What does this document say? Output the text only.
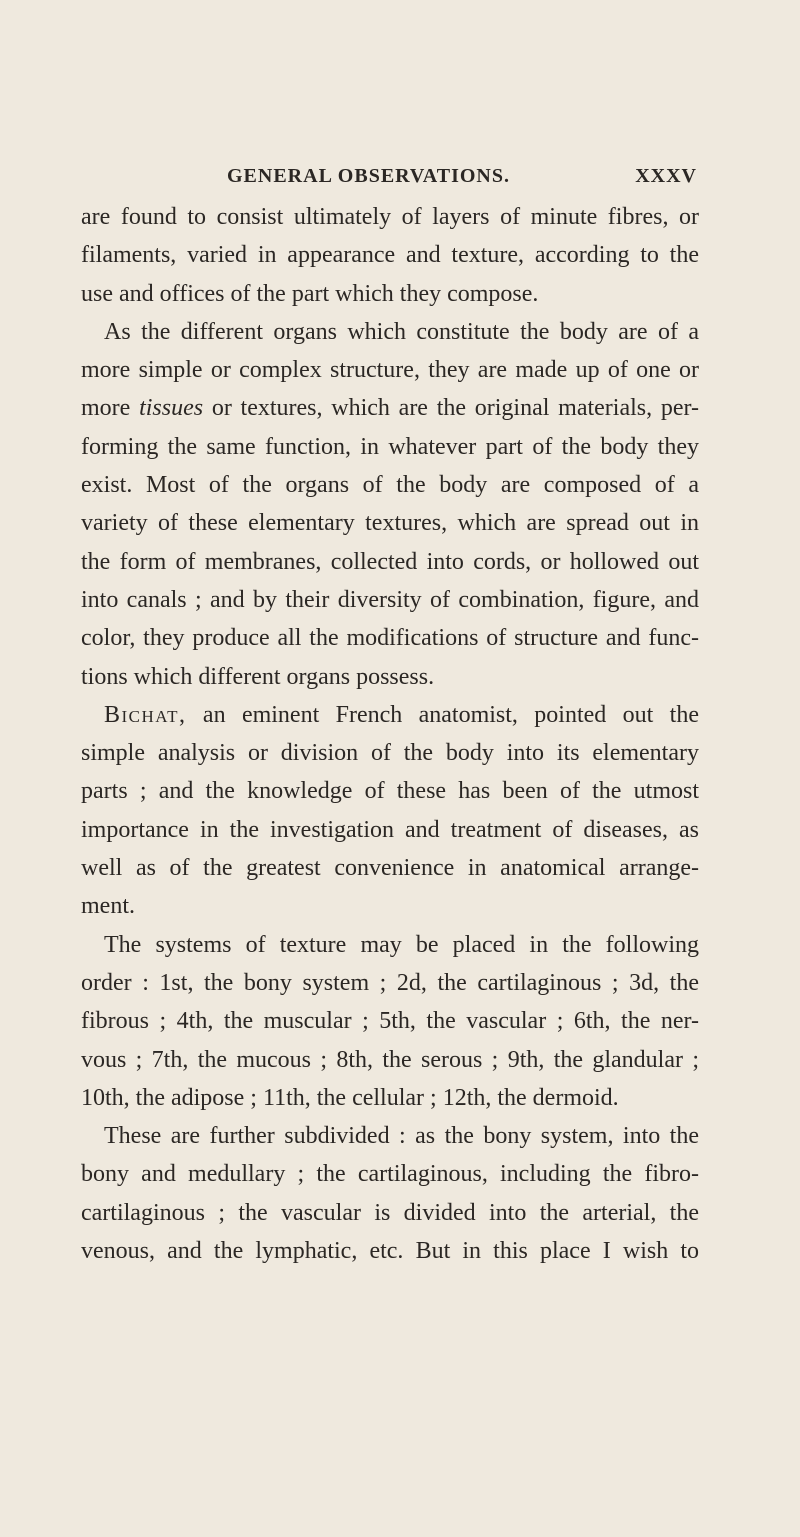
GENERAL OBSERVATIONS.	XXXV
are found to consist ultimately of layers of minute fibres, or
filaments, varied in appearance and texture, according to the
use and offices of the part which they compose.
As the different organs which constitute the body are of a
more simple or complex structure, they are made up of one or
more tissues or textures, which are the original materials, per-
forming the same function, in whatever part of the body they
exist. Most of the organs of the body are composed of a
variety of these elementary textures, which are spread out in
the form of membranes, collected into cords, or hollowed out
into canals ; and by their diversity of combination, figure, and
color, they produce all the modifications of structure and func-
tions which different organs possess.
Bichat, an eminent French anatomist, pointed out the
simple analysis or division of the body into its elementary
parts ; and the knowledge of these has been of the utmost
importance in the investigation and treatment of diseases, as
well as of the greatest convenience in anatomical arrange-
ment.
The systems of texture may be placed in the following
order : 1st, the bony system ; 2d, the cartilaginous ; 3d, the
fibrous ; 4th, the muscular ; 5th, the vascular ; 6th, the ner-
vous ; 7th, the mucous ; 8th, the serous ; 9th, the glandular ;
10th, the adipose ; 11th, the cellular ; 12th, the dermoid.
These are further subdivided : as the bony system, into the
bony and medullary ; the cartilaginous, including the fibro-
cartilaginous ; the vascular is divided into the arterial, the
venous, and the lymphatic, etc. But in this place I wish to
